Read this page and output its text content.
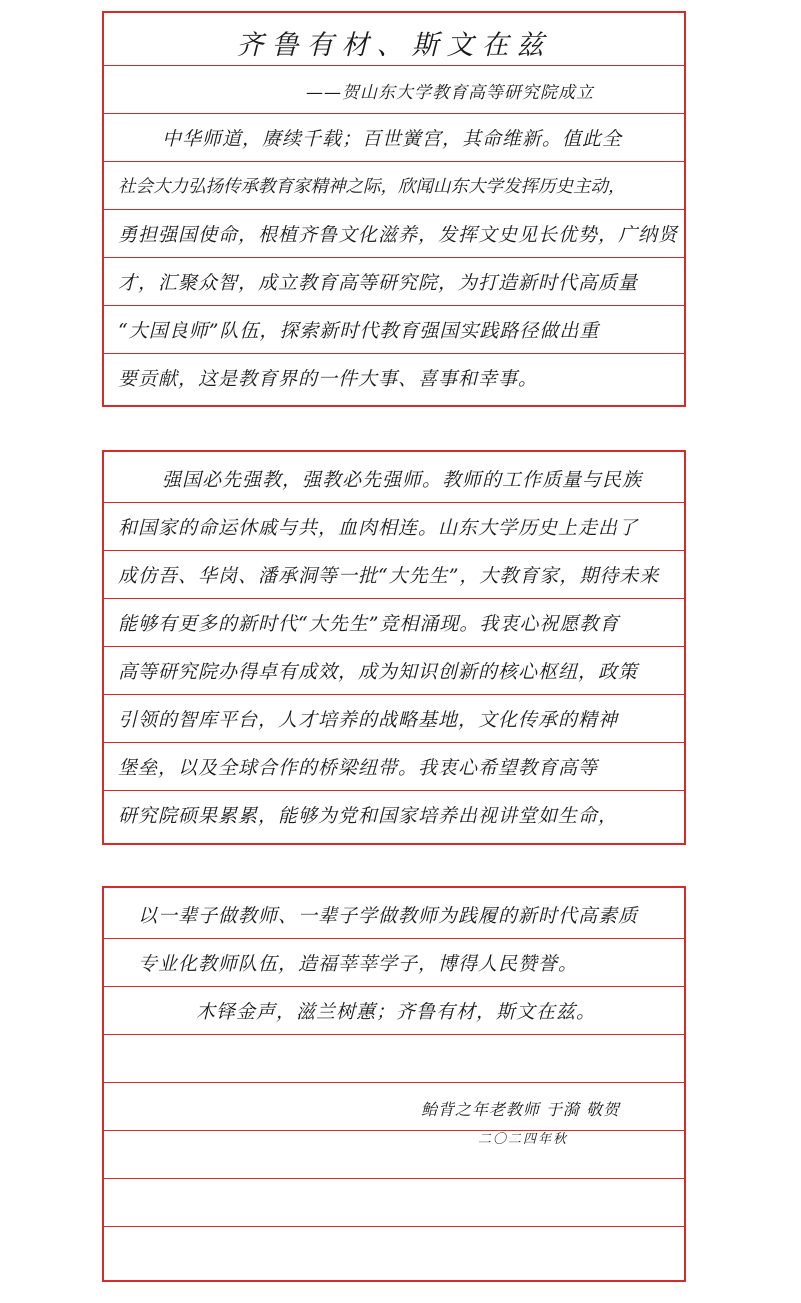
齐鲁有材、斯文在兹
——贺山东大学教育高等研究院成立
中华师道，赓续千载；百世黉宫，其命维新。值此全
社会大力弘扬传承教育家精神之际，欣闻山东大学发挥历史主动，
勇担强国使命，根植齐鲁文化滋养，发挥文史见长优势，广纳贤
才，汇聚众智，成立教育高等研究院，为打造新时代高质量
“大国良师”队伍，探索新时代教育强国实践路径做出重
要贡献，这是教育界的一件大事、喜事和幸事。
强国必先强教，强教必先强师。教师的工作质量与民族
和国家的命运休戚与共，血肉相连。山东大学历史上走出了
成仿吾、华岗、潘承洞等一批“大先生”，大教育家，期待未来
能够有更多的新时代“大先生”竞相涌现。我衷心祝愿教育
高等研究院办得卓有成效，成为知识创新的核心枢纽，政策
引领的智库平台，人才培养的战略基地，文化传承的精神
堡垒，以及全球合作的桥梁纽带。我衷心希望教育高等
研究院硕果累累，能够为党和国家培养出视讲堂如生命，
以一辈子做教师、一辈子学做教师为践履的新时代高素质
专业化教师队伍，造福莘莘学子，博得人民赞誉。
木铎金声，滋兰树蕙；齐鲁有材，斯文在兹。
鲐背之年老教师 于漪 敬贺
二〇二四年秋
